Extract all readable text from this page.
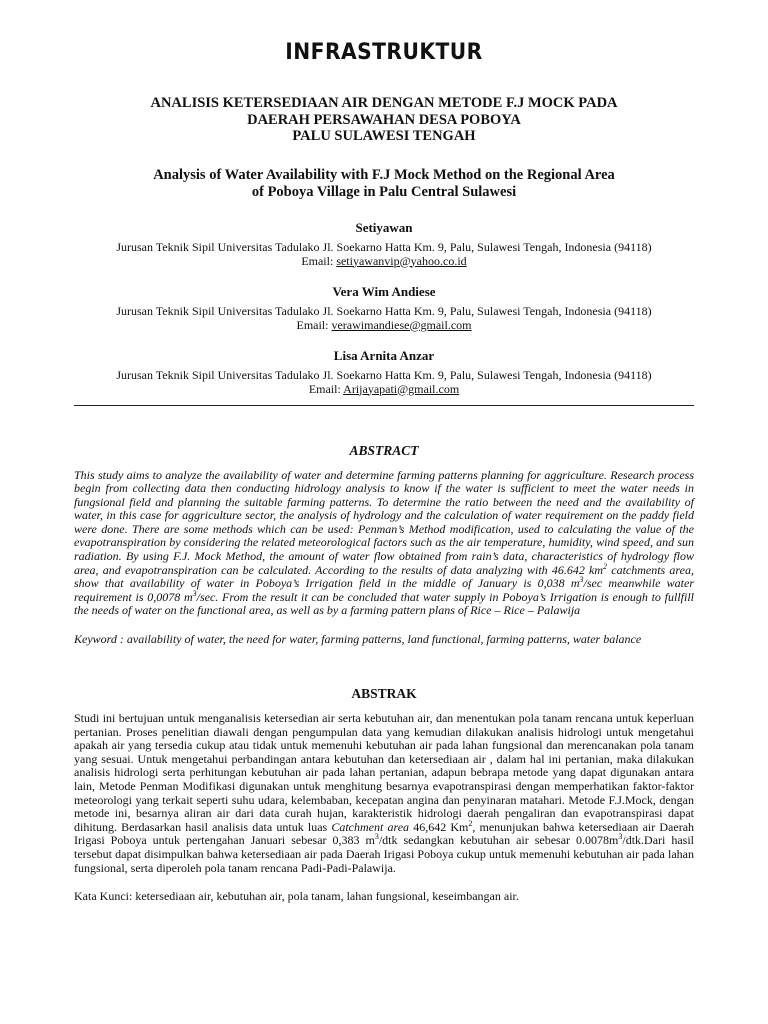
INFRASTRUKTUR
ANALISIS KETERSEDIAAN AIR DENGAN METODE F.J MOCK PADA
DAERAH PERSAWAHAN DESA POBOYA
PALU SULAWESI TENGAH
Analysis of Water Availability with F.J Mock Method on the Regional Area
of Poboya Village in Palu Central Sulawesi
Setiyawan
Jurusan Teknik Sipil Universitas Tadulako Jl. Soekarno Hatta Km. 9, Palu, Sulawesi Tengah, Indonesia (94118)
Email: setiyawanvip@yahoo.co.id
Vera Wim Andiese
Jurusan Teknik Sipil Universitas Tadulako Jl. Soekarno Hatta Km. 9, Palu, Sulawesi Tengah, Indonesia (94118)
Email: verawimandiese@gmail.com
Lisa Arnita Anzar
Jurusan Teknik Sipil Universitas Tadulako Jl. Soekarno Hatta Km. 9, Palu, Sulawesi Tengah, Indonesia (94118)
Email: Arijayapati@gmail.com
ABSTRACT

This study aims to analyze the availability of water and determine farming patterns planning for aggriculture. Research process begin from collecting data then conducting hidrology analysis to know if the water is sufficient to meet the water needs in fungsional field and planning the suitable farming patterns. To determine the ratio between the need and the availability of water, in this case for aggriculture sector, the analysis of hydrology and the calculation of water requirement on the paddy field were done. There are some methods which can be used: Penman’s Method modification, used to calculating the value of the evapotranspiration by considering the related meteorological factors such as the air temperature, humidity, wind speed, and sun radiation. By using F.J. Mock Method, the amount of water flow obtained from rain’s data, characteristics of hydrology flow area, and evapotranspiration can be calculated. According to the results of data analyzing with 46.642 $km^2$ catchments area, show that availability of water in Poboya’s Irrigation field in the middle of January is 0,038 $m^3/\sec$ meanwhile water requirement is 0,0078 $m^3/\sec$. From the result it can be concluded that water supply in Poboya’s Irrigation is enough to fullfill the needs of water on the functional area, as well as by a farming pattern plans of Rice – Rice – Palawija

Keyword : availability of water, the need for water, farming patterns, land functional, farming patterns, water balance

ABSTRAK

Studi ini bertujuan untuk menganalisis ketersedian air serta kebutuhan air, dan menentukan pola tanam rencana untuk keperluan pertanian. Proses penelitian diawali dengan pengumpulan data yang kemudian dilakukan analisis hidrologi untuk mengetahui apakah air yang tersedia cukup atau tidak untuk memenuhi kebutuhan air pada lahan fungsional dan merencanakan pola tanam yang sesuai. Untuk mengetahui perbandingan antara kebutuhan dan ketersediaan air , dalam hal ini pertanian, maka dilakukan analisis hidrologi serta perhitungan kebutuhan air pada lahan pertanian, adapun bebrapa metode yang dapat digunakan antara lain, Metode Penman Modifikasi digunakan untuk menghitung besarnya evapotranspirasi dengan memperhatikan faktor-faktor meteorologi yang terkait seperti suhu udara, kelembaban, kecepatan angina dan penyinaran matahari. Metode F.J.Mock, dengan metode ini, besarnya aliran air dari data curah hujan, karakteristik hidrologi daerah pengaliran dan evapotranspirasi dapat dihitung. Berdasarkan hasil analisis data untuk luas Catchment area 46,642 Km$^2$, menunjukan bahwa ketersediaan air Daerah Irigasi Poboya untuk pertengahan Januari sebesar 0,383 $m^3$/dtk sedangkan kebutuhan air sebesar $0.0078m^3/dtk.Dari$ hasil tersebut dapat disimpulkan bahwa ketersediaan air pada Daerah Irigasi Poboya cukup untuk memenuhi kebutuhan air pada lahan fungsional, serta diperoleh pola tanam rencana Padi-Padi-Palawija.

Kata Kunci: ketersediaan air, kebutuhan air, pola tanam, lahan fungsional, keseimbangan air.
